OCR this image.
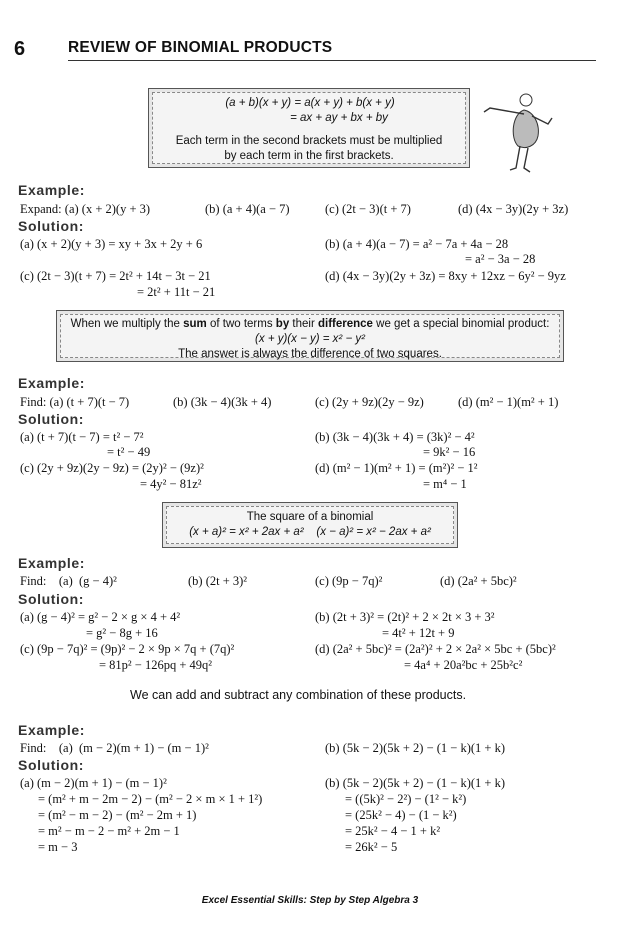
6	REVIEW OF BINOMIAL PRODUCTS
(a + b)(x + y) = a(x + y) + b(x + y)
= ax + ay + bx + by
Each term in the second brackets must be multiplied
by each term in the first brackets.
Example:
Expand: (a) (x + 2)(y + 3)	(b) (a + 4)(a − 7)	(c) (2t − 3)(t + 7)	(d) (4x − 3y)(2y + 3z)
Solution:
(a) (x + 2)(y + 3) = xy + 3x + 2y + 6	(b) (a + 4)(a − 7) = a² − 7a + 4a − 28
= a² − 3a − 28
(c) (2t − 3)(t + 7) = 2t² + 14t − 3t − 21
= 2t² + 11t − 21
(d) (4x − 3y)(2y + 3z) = 8xy + 12xz − 6y² − 9yz
When we multiply the sum of two terms by their difference we get a special binomial product:
(x + y)(x − y) = x² − y²
The answer is always the difference of two squares.
Example:
Find: (a) (t + 7)(t − 7)	(b) (3k − 4)(3k + 4)	(c) (2y + 9z)(2y − 9z)	(d) (m² − 1)(m² + 1)
Solution:
(a) (t + 7)(t − 7) = t² − 7²
= t² − 49
(b) (3k − 4)(3k + 4) = (3k)² − 4²
= 9k² − 16
(c) (2y + 9z)(2y − 9z) = (2y)² − (9z)²
= 4y² − 81z²
(d) (m² − 1)(m² + 1) = (m²)² − 1²
= m⁴ − 1
The square of a binomial
(x + a)² = x² + 2ax + a²    (x − a)² = x² − 2ax + a²
Example:
Find:    (a)  (g − 4)²	(b) (2t + 3)²	(c) (9p − 7q)²	(d) (2a² + 5bc)²
Solution:
(a) (g − 4)² = g² − 2 × g × 4 + 4²
= g² − 8g + 16
(b) (2t + 3)² = (2t)² + 2 × 2t × 3 + 3²
= 4t² + 12t + 9
(c) (9p − 7q)² = (9p)² − 2 × 9p × 7q + (7q)²
= 81p² − 126pq + 49q²
(d) (2a² + 5bc)² = (2a²)² + 2 × 2a² × 5bc + (5bc)²
= 4a⁴ + 20a²bc + 25b²c²
We can add and subtract any combination of these products.
Example:
Find:    (a)  (m − 2)(m + 1) − (m − 1)²	(b) (5k − 2)(5k + 2) − (1 − k)(1 + k)
Solution:
(a) (m − 2)(m + 1) − (m − 1)²
= (m² + m − 2m − 2) − (m² − 2 × m × 1 + 1²)
= (m² − m − 2) − (m² − 2m + 1)
= m² − m − 2 − m² + 2m − 1
= m − 3
(b) (5k − 2)(5k + 2) − (1 − k)(1 + k)
= ((5k)² − 2²) − (1² − k²)
= (25k² − 4) − (1 − k²)
= 25k² − 4 − 1 + k²
= 26k² − 5
Excel Essential Skills: Step by Step Algebra 3
